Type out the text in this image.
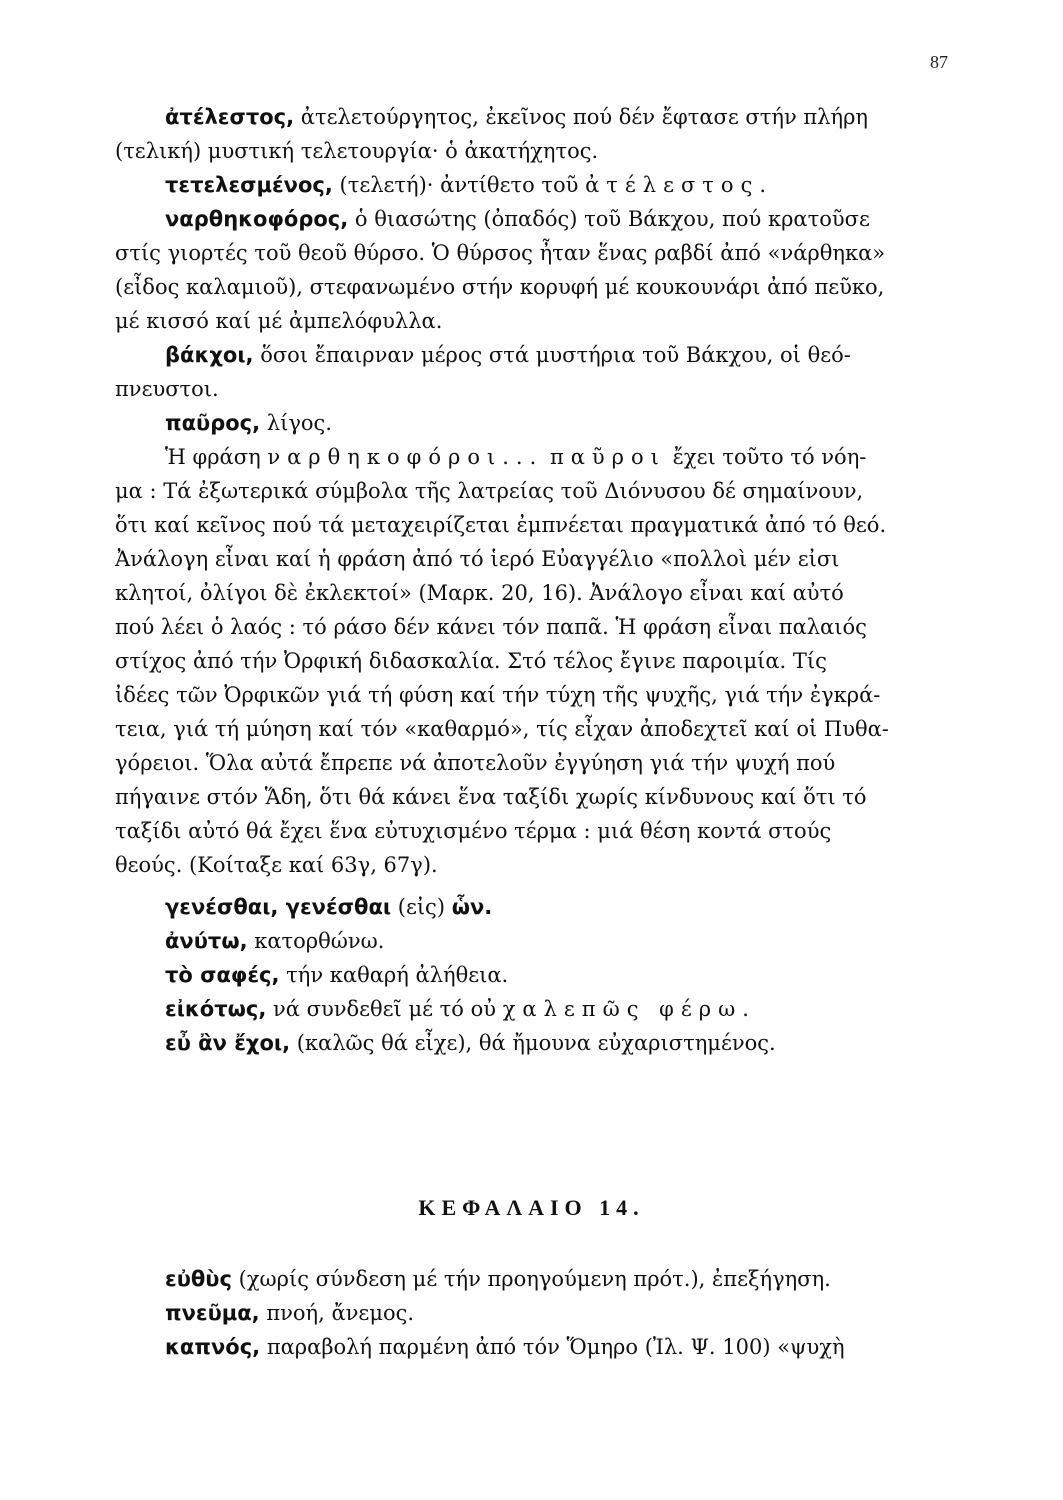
87
ἀτέλεστος, ἀτελετούργητος, ἐκεῖνος πού δέν ἔφτασε στήν πλήρη
(τελική) μυστική τελετουργία· ὁ ἀκατήχητος.
τετελεσμένος, (τελετή)· ἀντίθετο τοῦ ἀτέλεστος.
ναρθηκοφόρος, ὁ θιασώτης (ὀπαδός) τοῦ Βάκχου, πού κρατοῦσε
στίς γιορτές τοῦ θεοῦ θύρσο. Ὁ θύρσος ἦταν ἕνας ραβδί ἀπό «νάρθηκα»
(εἶδος καλαμιοῦ), στεφανωμένο στήν κορυφή μέ κουκουνάρι ἀπό πεῦκο,
μέ κισσό καί μέ ἀμπελόφυλλα.
βάκχοι, ὅσοι ἔπαιρναν μέρος στά μυστήρια τοῦ Βάκχου, οἱ θεό-
πνευστοι.
παῦρος, λίγος.
Ἡ φράση ναρθηκοφόροι... παῦροι ἔχει τοῦτο τό νόη-
μα : Τά ἐξωτερικά σύμβολα τῆς λατρείας τοῦ Διόνυσου δέ σημαίνουν,
ὅτι καί κεῖνος πού τά μεταχειρίζεται ἐμπνέεται πραγματικά ἀπό τό θεό.
Ἀνάλογη εἶναι καί ἡ φράση ἀπό τό ἱερό Εὐαγγέλιο «πολλοὶ μέν εἰσι
κλητοί, ὀλίγοι δὲ ἐκλεκτοί» (Μαρκ. 20, 16). Ἀνάλογο εἶναι καί αὐτό
πού λέει ὁ λαός : τό ράσο δέν κάνει τόν παπᾶ. Ἡ φράση εἶναι παλαιός
στίχος ἀπό τήν Ὀρφική διδασκαλία. Στό τέλος ἔγινε παροιμία. Τίς
ἰδέες τῶν Ὀρφικῶν γιά τή φύση καί τήν τύχη τῆς ψυχῆς, γιά τήν ἐγκρά-
τεια, γιά τή μύηση καί τόν «καθαρμό», τίς εἶχαν ἀποδεχτεῖ καί οἱ Πυθα-
γόρειοι. Ὅλα αὐτά ἔπρεπε νά ἀποτελοῦν ἐγγύηση γιά τήν ψυχή πού
πήγαινε στόν Ἅδη, ὅτι θά κάνει ἕνα ταξίδι χωρίς κίνδυνους καί ὅτι τό
ταξίδι αὐτό θά ἔχει ἕνα εὐτυχισμένο τέρμα : μιά θέση κοντά στούς
θεούς. (Κοίταξε καί 63γ, 67γ).
γενέσθαι, γενέσθαι (εἰς) ὧν.
ἀνύτω, κατορθώνω.
τὸ σαφές, τήν καθαρή ἀλήθεια.
εἰκότως, νά συνδεθεῖ μέ τό οὐ χαλεπῶς φέρω.
εὖ ἂν ἔχοι, (καλῶς θά εἶχε), θά ἤμουνα εὐχαριστημένος.
ΚΕΦΑΛΑΙΟ 14.
εὐθὺς (χωρίς σύνδεση μέ τήν προηγούμενη πρότ.), ἐπεξήγηση.
πνεῦμα, πνοή, ἄνεμος.
καπνός, παραβολή παρμένη ἀπό τόν Ὅμηρο (Ἰλ. Ψ. 100) «ψυχὴ
